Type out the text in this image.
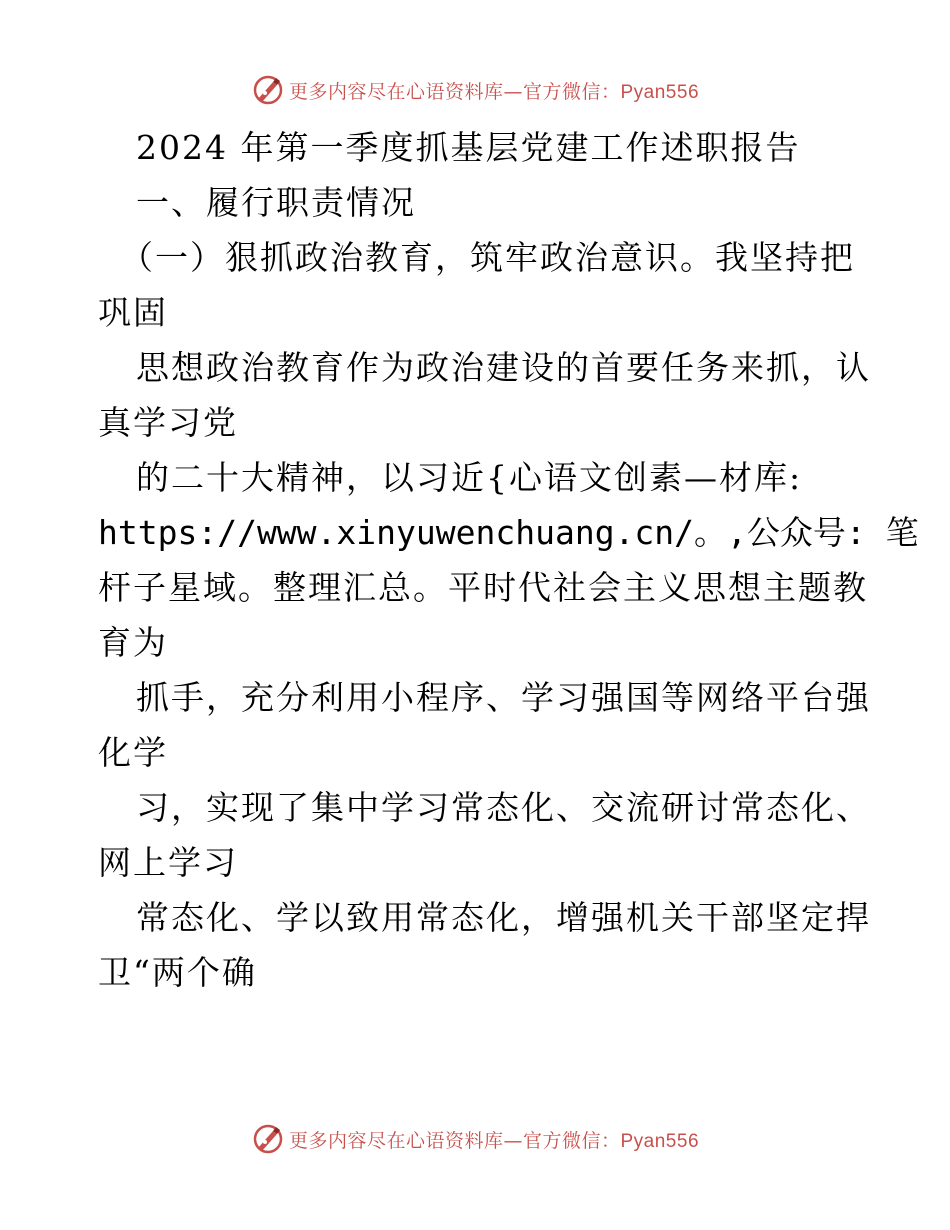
更多内容尽在心语资料库—官方微信：Pyan556
2024 年第一季度抓基层党建工作述职报告
一、履行职责情况
（一）狠抓政治教育，筑牢政治意识。我坚持把
巩固
思想政治教育作为政治建设的首要任务来抓，认
真学习党
的二十大精神，以习近{心语文创素—材库:
https://www.xinyuwenchuang.cn/。,公众号: 笔
杆子星域。整理汇总。平时代社会主义思想主题教
育为
抓手，充分利用小程序、学习强国等网络平台强
化学
习，实现了集中学习常态化、交流研讨常态化、
网上学习
常态化、学以致用常态化，增强机关干部坚定捍
卫“两个确
更多内容尽在心语资料库—官方微信：Pyan556
